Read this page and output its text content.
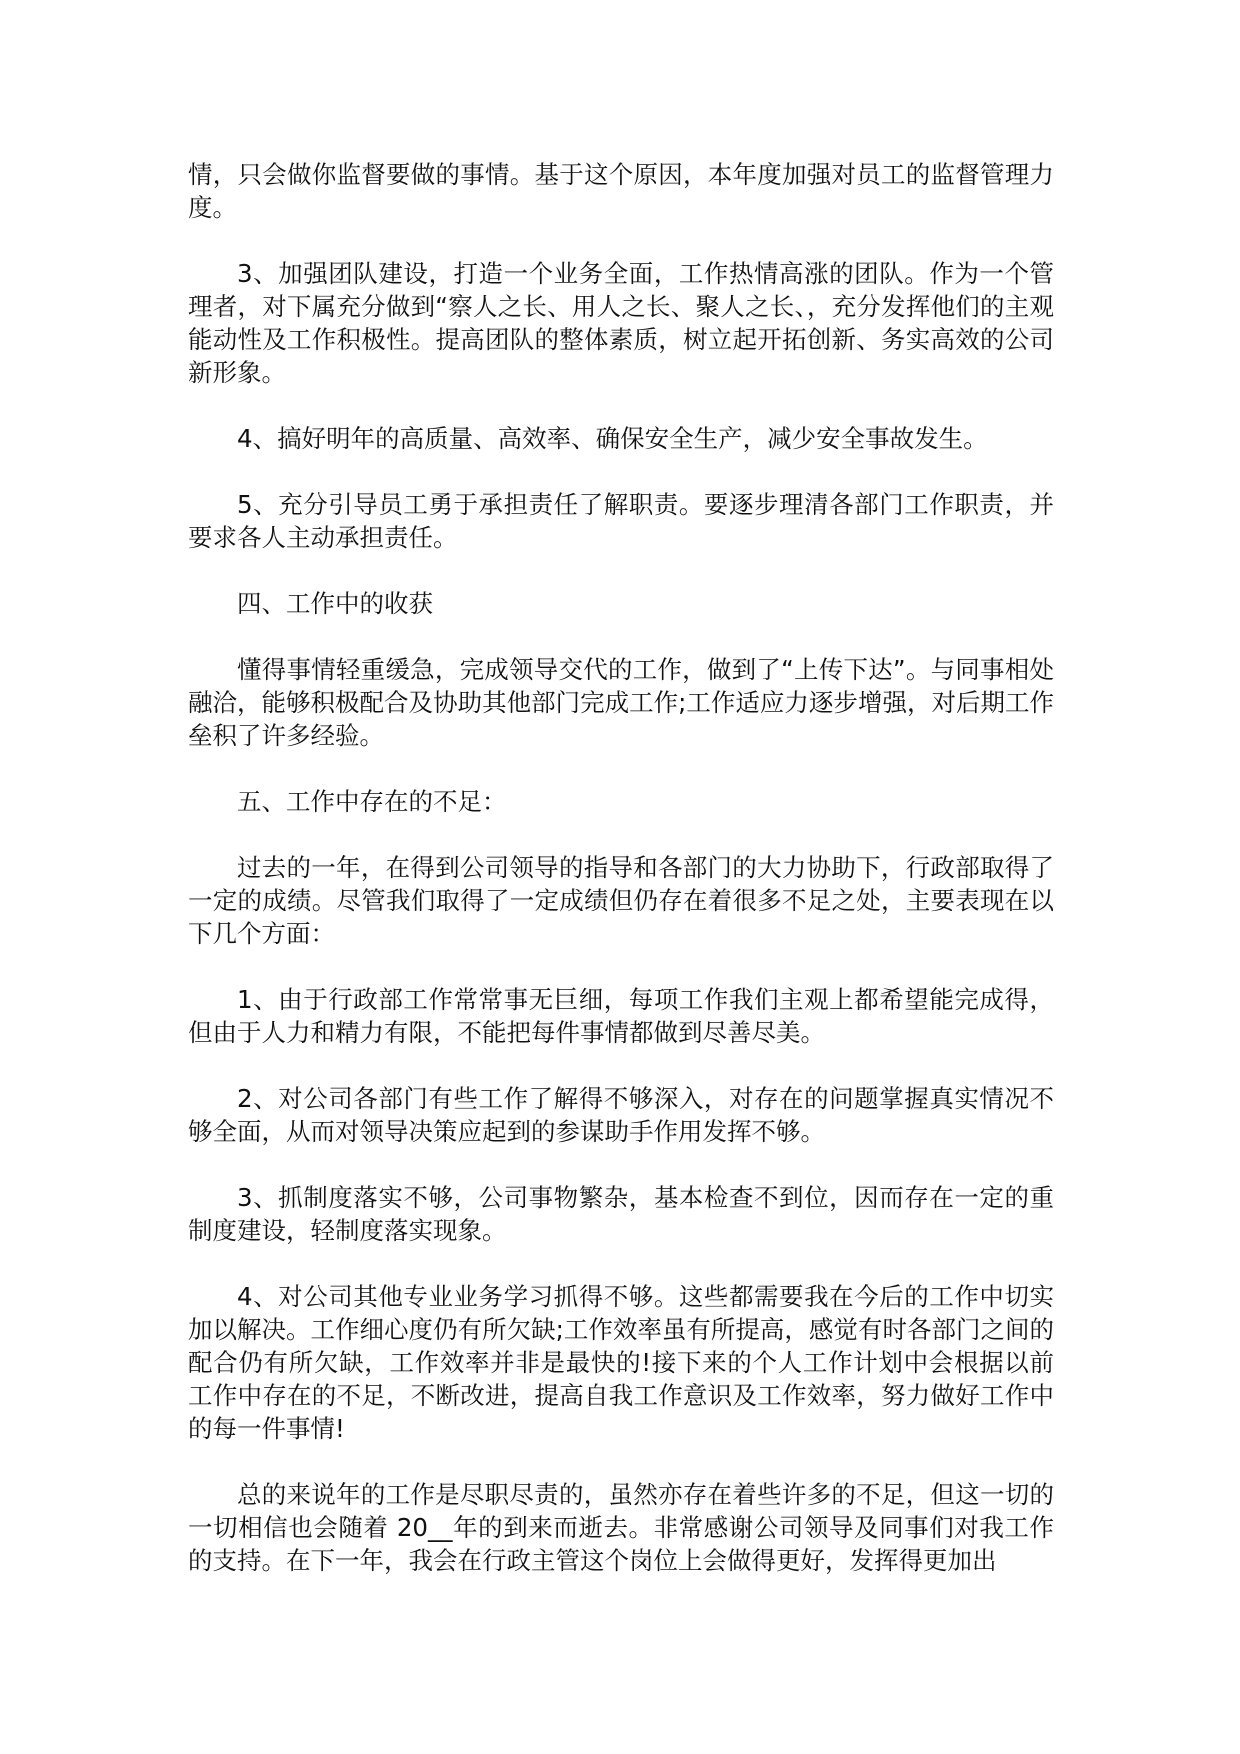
情，只会做你监督要做的事情。基于这个原因，本年度加强对员工的监督管理力度。

3、加强团队建设，打造一个业务全面，工作热情高涨的团队。作为一个管理者，对下属充分做到“察人之长、用人之长、聚人之长、，充分发挥他们的主观能动性及工作积极性。提高团队的整体素质，树立起开拓创新、务实高效的公司新形象。

4、搞好明年的高质量、高效率、确保安全生产，减少安全事故发生。

5、充分引导员工勇于承担责任了解职责。要逐步理清各部门工作职责，并要求各人主动承担责任。

四、工作中的收获

懂得事情轻重缓急，完成领导交代的工作，做到了“上传下达”。与同事相处融洽，能够积极配合及协助其他部门完成工作;工作适应力逐步增强，对后期工作垒积了许多经验。

五、工作中存在的不足：

过去的一年，在得到公司领导的指导和各部门的大力协助下，行政部取得了一定的成绩。尽管我们取得了一定成绩但仍存在着很多不足之处，主要表现在以下几个方面：

1、由于行政部工作常常事无巨细，每项工作我们主观上都希望能完成得，但由于人力和精力有限，不能把每件事情都做到尽善尽美。

2、对公司各部门有些工作了解得不够深入，对存在的问题掌握真实情况不够全面，从而对领导决策应起到的参谋助手作用发挥不够。

3、抓制度落实不够，公司事物繁杂，基本检查不到位，因而存在一定的重制度建设，轻制度落实现象。

4、对公司其他专业业务学习抓得不够。这些都需要我在今后的工作中切实加以解决。工作细心度仍有所欠缺;工作效率虽有所提高，感觉有时各部门之间的配合仍有所欠缺，工作效率并非是最快的!接下来的个人工作计划中会根据以前工作中存在的不足，不断改进，提高自我工作意识及工作效率，努力做好工作中的每一件事情!

总的来说年的工作是尽职尽责的，虽然亦存在着些许多的不足，但这一切的一切相信也会随着 20__年的到来而逝去。非常感谢公司领导及同事们对我工作的支持。在下一年，我会在行政主管这个岗位上会做得更好，发挥得更加出
